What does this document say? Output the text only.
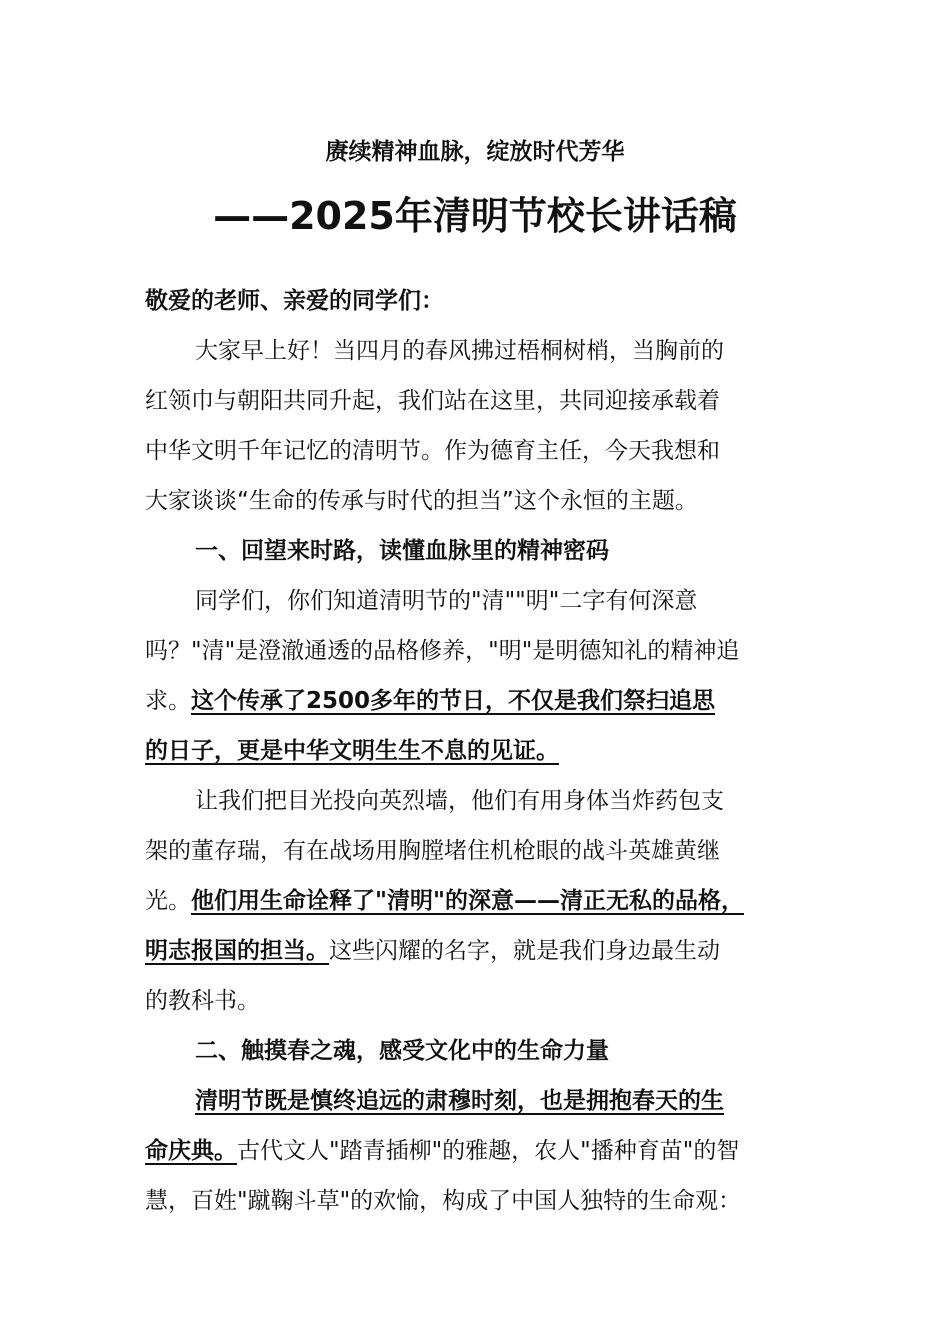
赓续精神血脉，绽放时代芳华
——2025年清明节校长讲话稿
敬爱的老师、亲爱的同学们：
大家早上好！当四月的春风拂过梧桐树梢，当胸前的
红领巾与朝阳共同升起，我们站在这里，共同迎接承载着
中华文明千年记忆的清明节。作为德育主任，今天我想和
大家谈谈“生命的传承与时代的担当”这个永恒的主题。
一、回望来时路，读懂血脉里的精神密码
同学们，你们知道清明节的"清""明"二字有何深意
吗？"清"是澄澈通透的品格修养，"明"是明德知礼的精神追
求。这个传承了2500多年的节日，不仅是我们祭扫追思
的日子，更是中华文明生生不息的见证。
让我们把目光投向英烈墙，他们有用身体当炸药包支
架的董存瑞，有在战场用胸膛堵住机枪眼的战斗英雄黄继
光。他们用生命诠释了"清明"的深意——清正无私的品格，
明志报国的担当。这些闪耀的名字，就是我们身边最生动
的教科书。
二、触摸春之魂，感受文化中的生命力量
清明节既是慎终追远的肃穆时刻，也是拥抱春天的生
命庆典。古代文人"踏青插柳"的雅趣，农人"播种育苗"的智
慧，百姓"蹴鞠斗草"的欢愉，构成了中国人独特的生命观：
